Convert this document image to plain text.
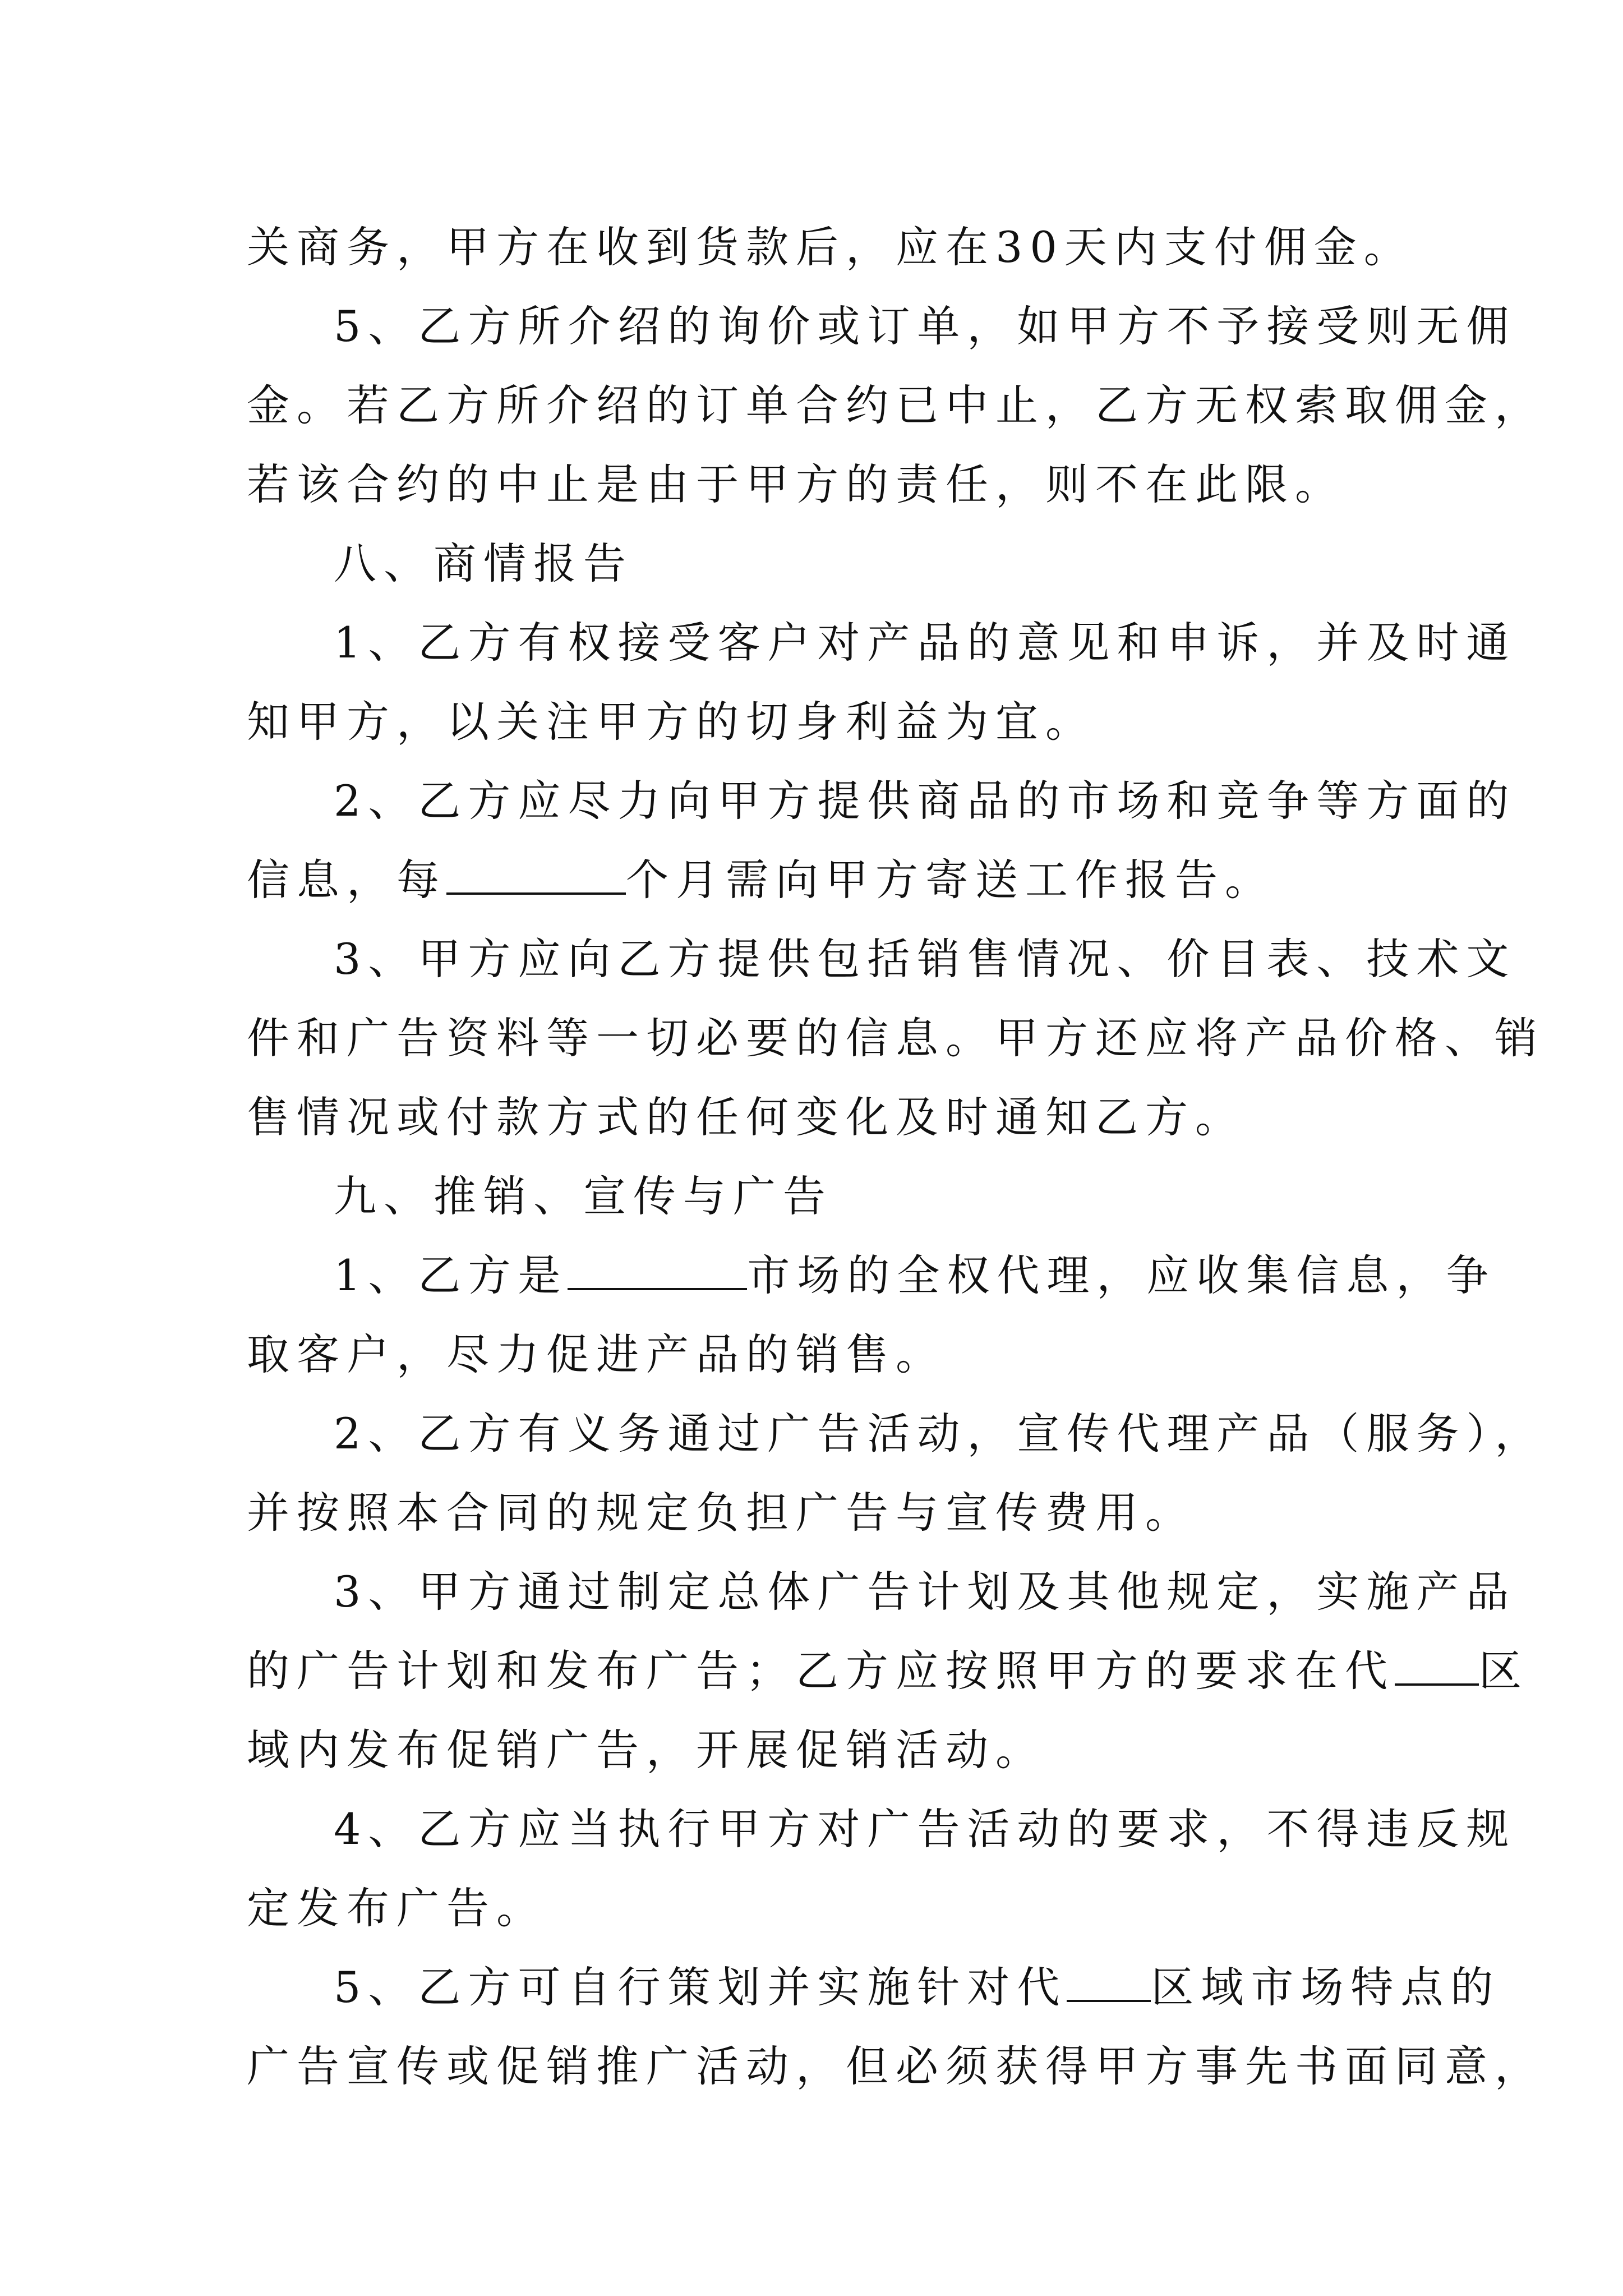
关商务，甲方在收到货款后，应在30天内支付佣金。
5、乙方所介绍的询价或订单，如甲方不予接受则无佣
金。若乙方所介绍的订单合约已中止，乙方无权索取佣金，
若该合约的中止是由于甲方的责任，则不在此限。
八、商情报告
1、乙方有权接受客户对产品的意见和申诉，并及时通
知甲方，以关注甲方的切身利益为宜。
2、乙方应尽力向甲方提供商品的市场和竞争等方面的
信息，每	个月需向甲方寄送工作报告。
3、甲方应向乙方提供包括销售情况、价目表、技术文
件和广告资料等一切必要的信息。甲方还应将产品价格、销
售情况或付款方式的任何变化及时通知乙方。
九、推销、宣传与广告
1、乙方是	市场的全权代理，应收集信息，争
取客户，尽力促进产品的销售。
2、乙方有义务通过广告活动，宣传代理产品（服务），
并按照本合同的规定负担广告与宣传费用。
3、甲方通过制定总体广告计划及其他规定，实施产品
的广告计划和发布广告；乙方应按照甲方的要求在代 区
域内发布促销广告，开展促销活动。
4、乙方应当执行甲方对广告活动的要求，不得违反规
定发布广告。
5、乙方可自行策划并实施针对代 区域市场特点的
广告宣传或促销推广活动，但必须获得甲方事先书面同意，
